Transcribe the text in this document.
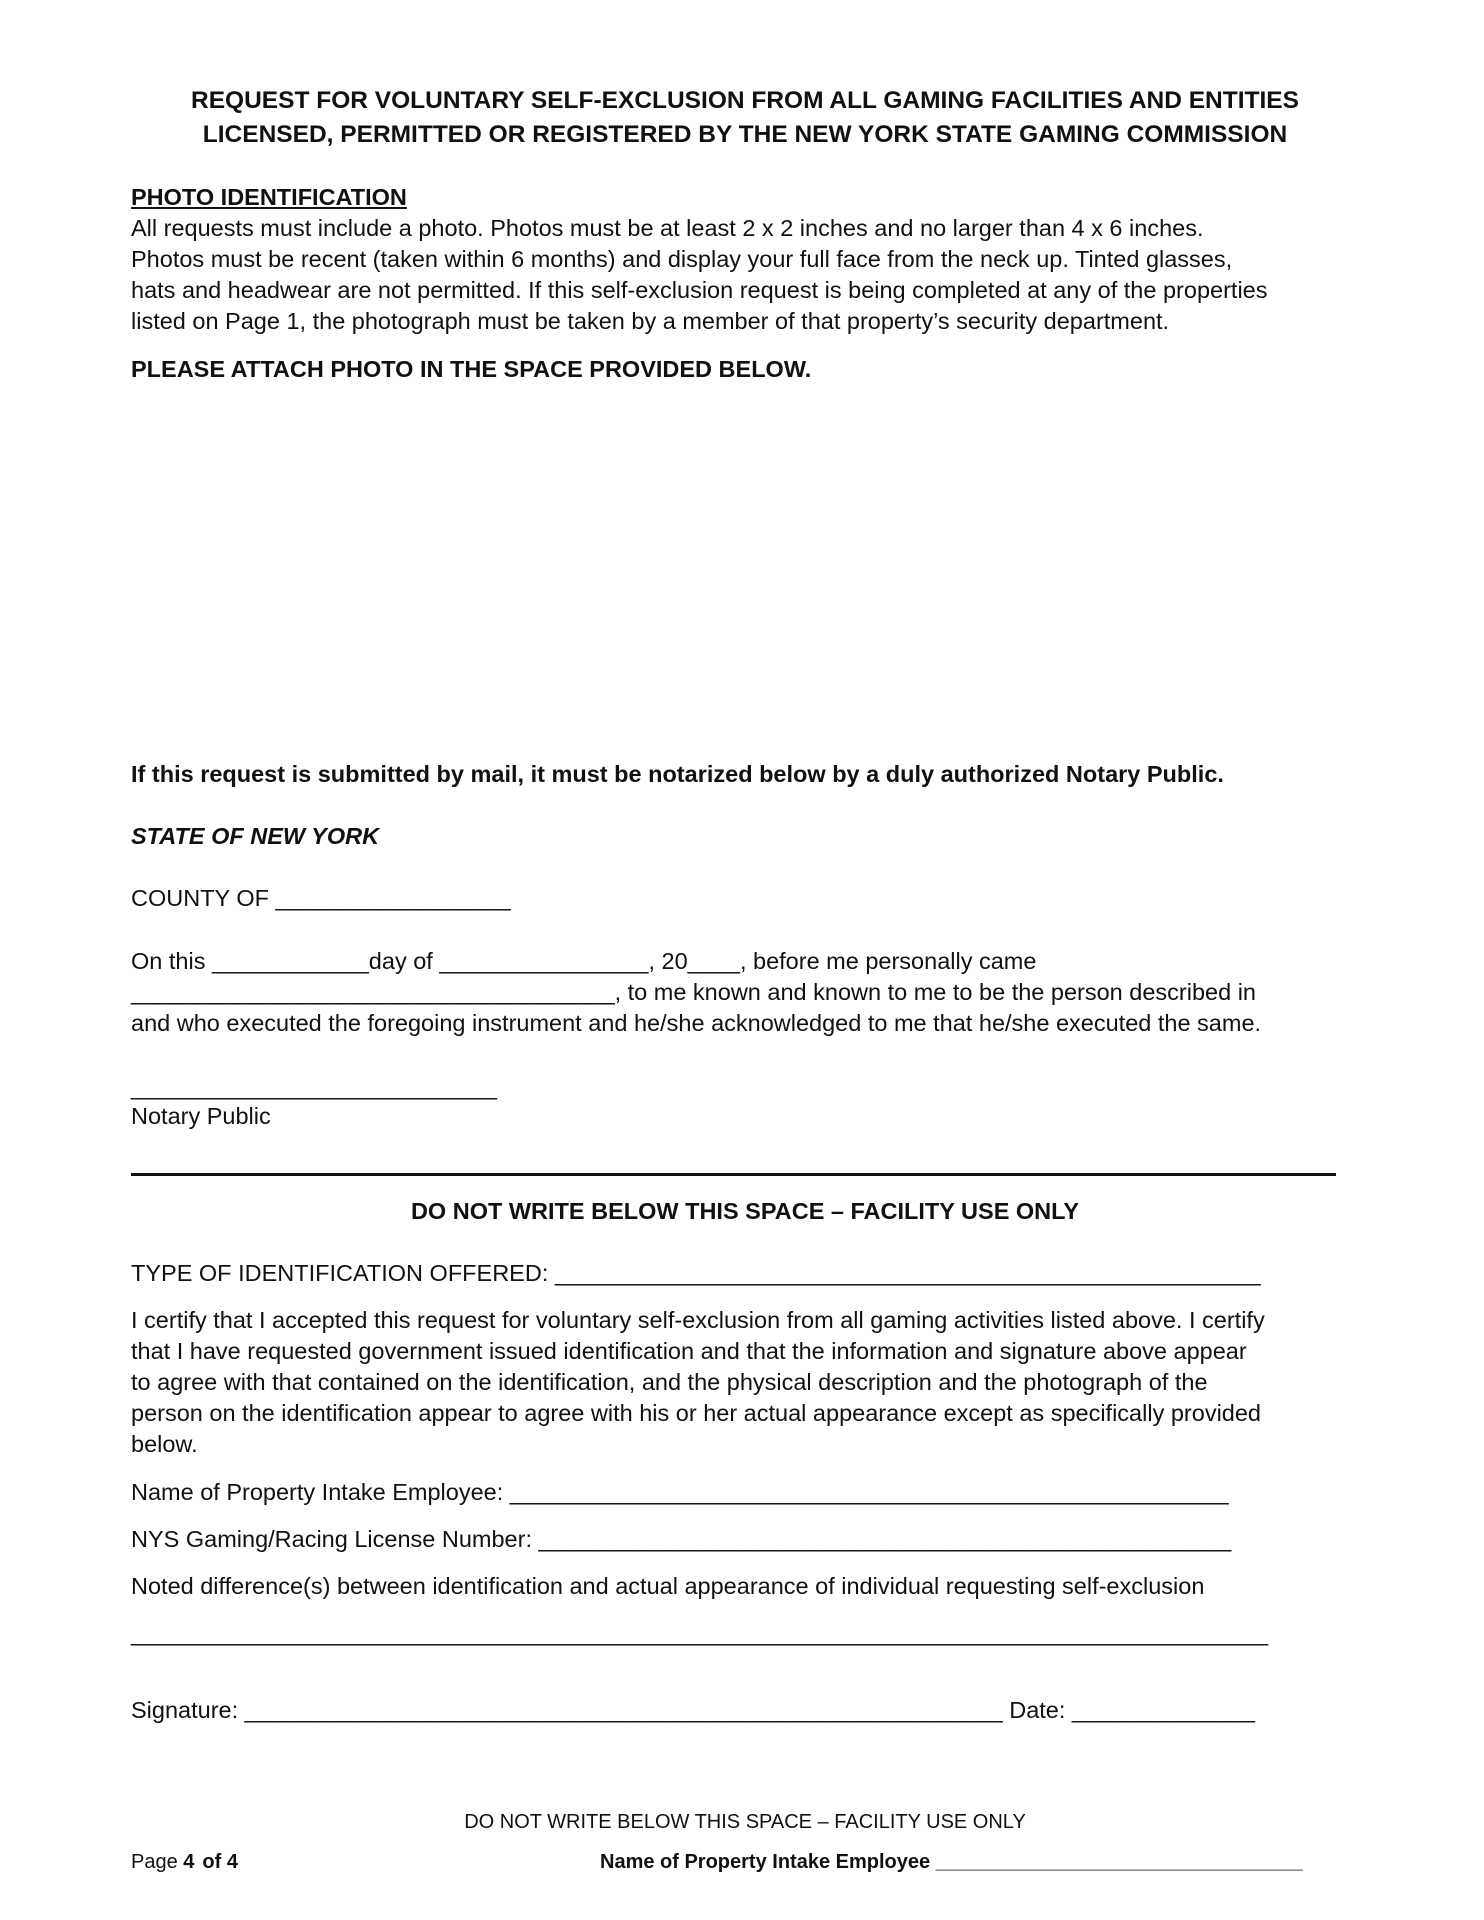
REQUEST FOR VOLUNTARY SELF-EXCLUSION FROM ALL GAMING FACILITIES AND ENTITIES
LICENSED, PERMITTED OR REGISTERED BY THE NEW YORK STATE GAMING COMMISSION
PHOTO IDENTIFICATION
All requests must include a photo. Photos must be at least 2 x 2 inches and no larger than 4 x 6 inches.
Photos must be recent (taken within 6 months) and display your full face from the neck up. Tinted glasses,
hats and headwear are not permitted. If this self-exclusion request is being completed at any of the properties
listed on Page 1, the photograph must be taken by a member of that property’s security department.
PLEASE ATTACH PHOTO IN THE SPACE PROVIDED BELOW.
If this request is submitted by mail, it must be notarized below by a duly authorized Notary Public.
STATE OF NEW YORK
COUNTY OF __________________
On this ____________day of ________________, 20____, before me personally came
_____________________________________, to me known and known to me to be the person described in
and who executed the foregoing instrument and he/she acknowledged to me that he/she executed the same.
____________________________
Notary Public
DO NOT WRITE BELOW THIS SPACE – FACILITY USE ONLY
TYPE OF IDENTIFICATION OFFERED: ______________________________________________________
I certify that I accepted this request for voluntary self-exclusion from all gaming activities listed above. I certify
that I have requested government issued identification and that the information and signature above appear
to agree with that contained on the identification, and the physical description and the photograph of the
person on the identification appear to agree with his or her actual appearance except as specifically provided
below.
Name of Property Intake Employee: _______________________________________________________
NYS Gaming/Racing License Number: _____________________________________________________
Noted difference(s) between identification and actual appearance of individual requesting self-exclusion
_______________________________________________________________________________________
Signature: __________________________________________________________ Date: ______________
DO NOT WRITE BELOW THIS SPACE – FACILITY USE ONLY
Page 4 of 4	Name of Property Intake Employee _________________________________
